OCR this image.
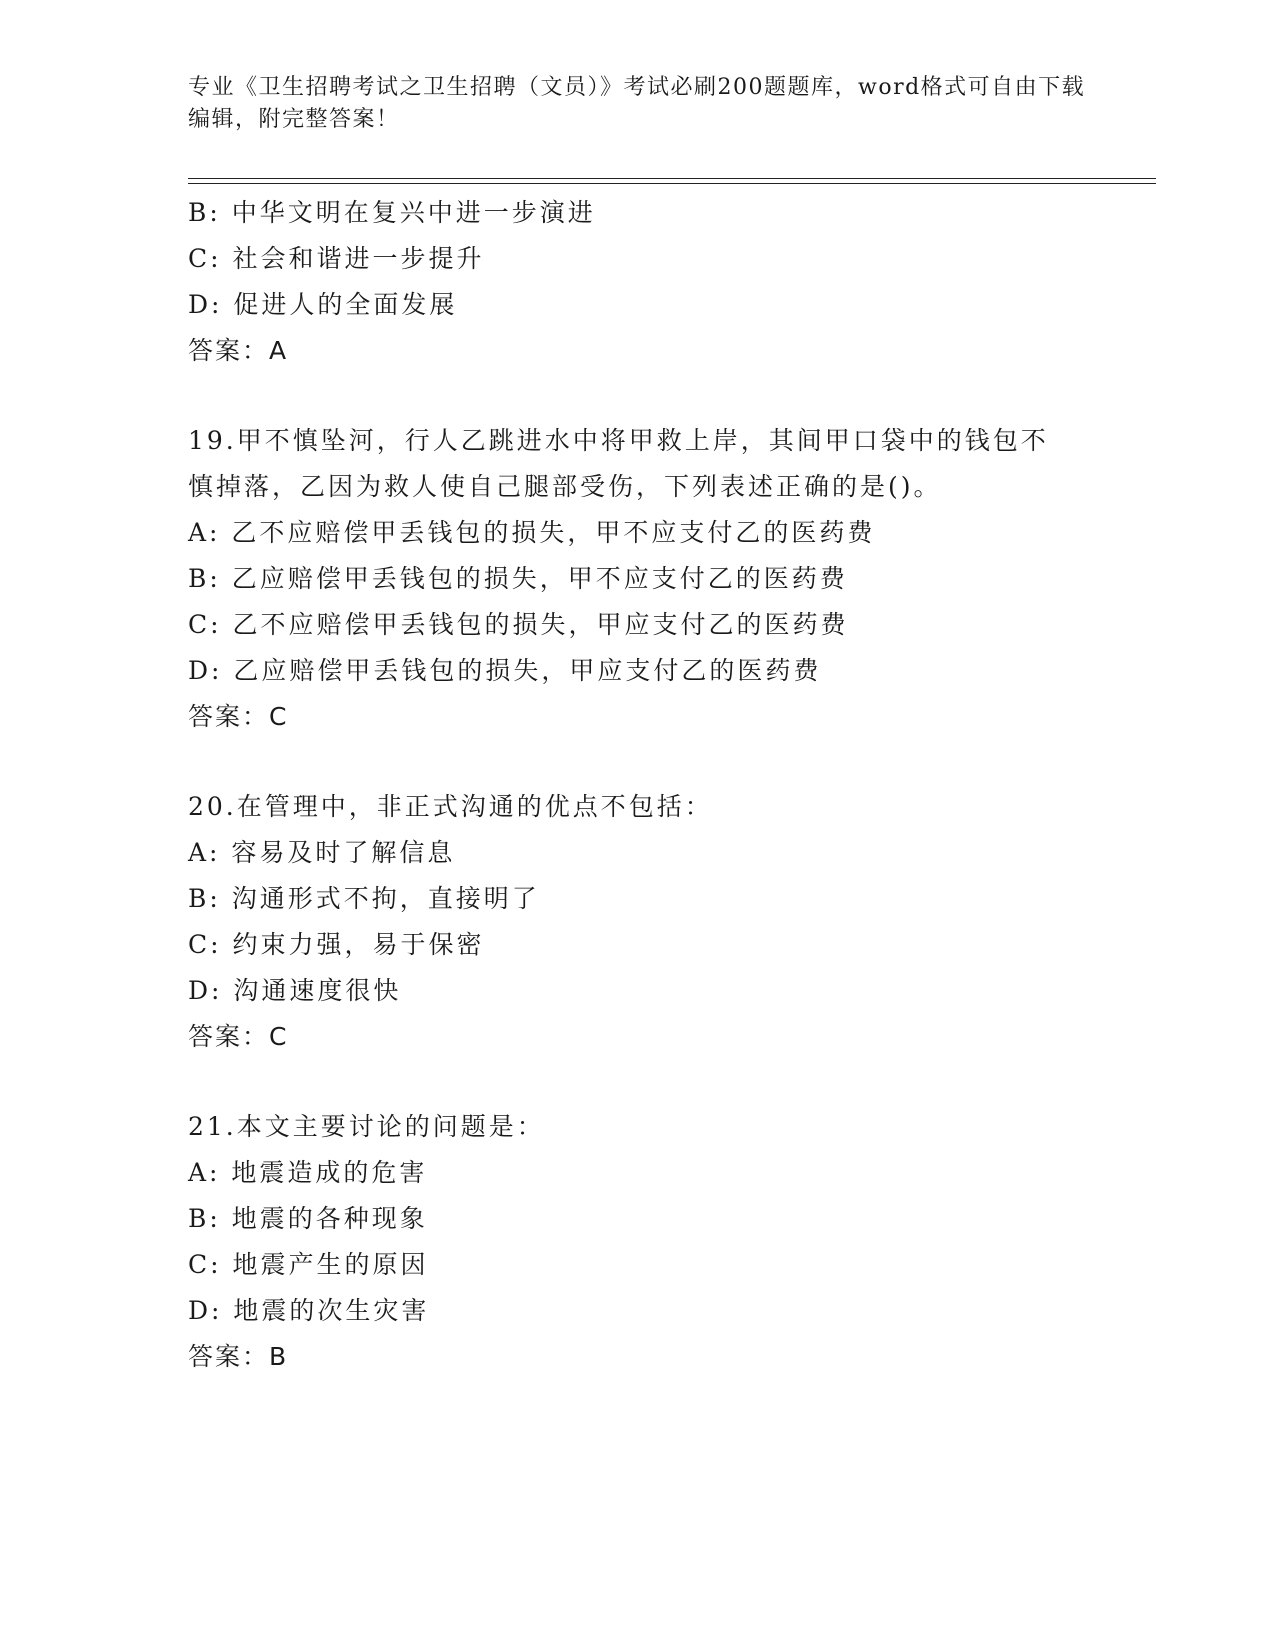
专业《卫生招聘考试之卫生招聘（文员）》考试必刷200题题库，word格式可自由下载编辑，附完整答案！
B: 中华文明在复兴中进一步演进
C: 社会和谐进一步提升
D: 促进人的全面发展
答案：A
19.甲不慎坠河，行人乙跳进水中将甲救上岸，其间甲口袋中的钱包不
慎掉落，乙因为救人使自己腿部受伤，下列表述正确的是()。
A: 乙不应赔偿甲丢钱包的损失，甲不应支付乙的医药费
B: 乙应赔偿甲丢钱包的损失，甲不应支付乙的医药费
C: 乙不应赔偿甲丢钱包的损失，甲应支付乙的医药费
D: 乙应赔偿甲丢钱包的损失，甲应支付乙的医药费
答案：C
20.在管理中，非正式沟通的优点不包括：
A: 容易及时了解信息
B: 沟通形式不拘，直接明了
C: 约束力强，易于保密
D: 沟通速度很快
答案：C
21.本文主要讨论的问题是：
A: 地震造成的危害
B: 地震的各种现象
C: 地震产生的原因
D: 地震的次生灾害
答案：B
